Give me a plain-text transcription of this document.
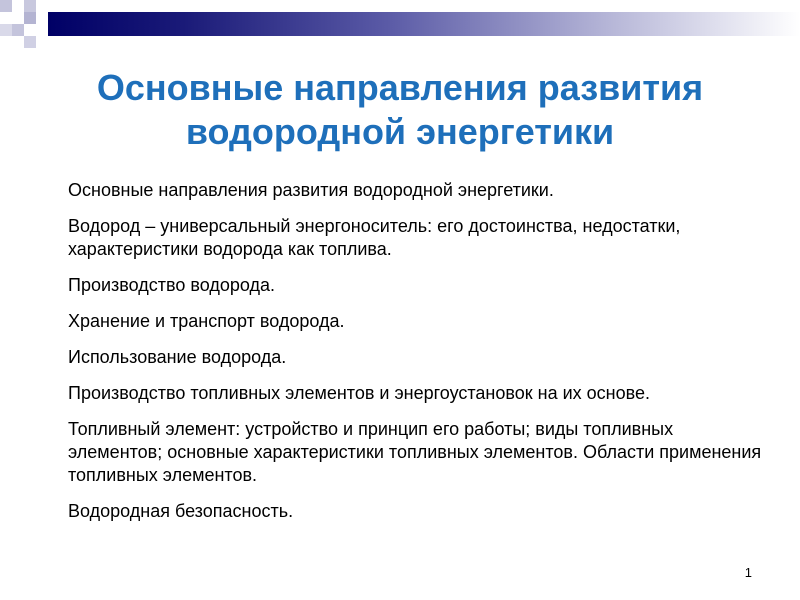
Основные направления развития
водородной энергетики
Основные направления развития водородной энергетики.
Водород – универсальный энергоноситель: его достоинства, недостатки, характеристики водорода как топлива.
Производство водорода.
Хранение и транспорт водорода.
Использование водорода.
Производство топливных элементов и энергоустановок на их основе.
Топливный элемент: устройство и принцип его работы; виды топливных элементов; основные характеристики топливных элементов. Области применения топливных элементов.
Водородная безопасность.
1
